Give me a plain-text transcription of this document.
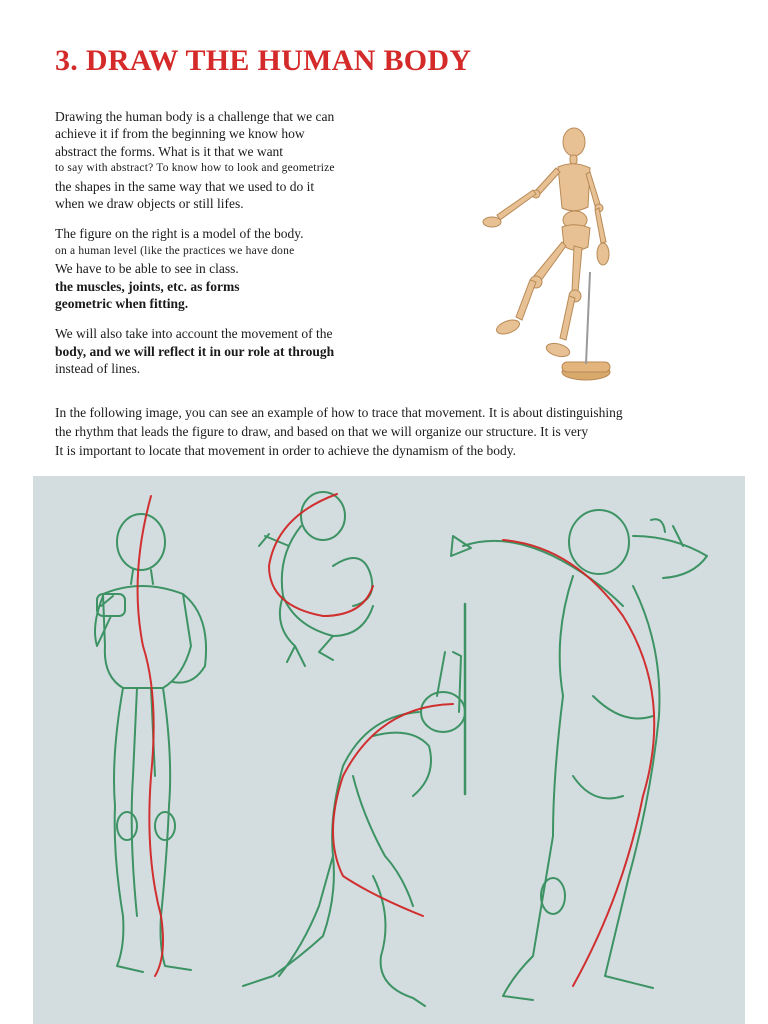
3. DRAW THE HUMAN BODY
Drawing the human body is a challenge that we can
achieve it if from the beginning we know how
abstract the forms. What is it that we want
to say with abstract? To know how to look and geometrize
the shapes in the same way that we used to do it
when we draw objects or still lifes.
The figure on the right is a model of the body.
on a human level (like the practices we have done
We have to be able to see in class.
the muscles, joints, etc. as forms
geometric when fitting.
We will also take into account the movement of the
body, and we will reflect it in our role at through
instead of lines.
In the following image, you can see an example of how to trace that movement. It is about distinguishing
the rhythm that leads the figure to draw, and based on that we will organize our structure. It is very
It is important to locate that movement in order to achieve the dynamism of the body.
